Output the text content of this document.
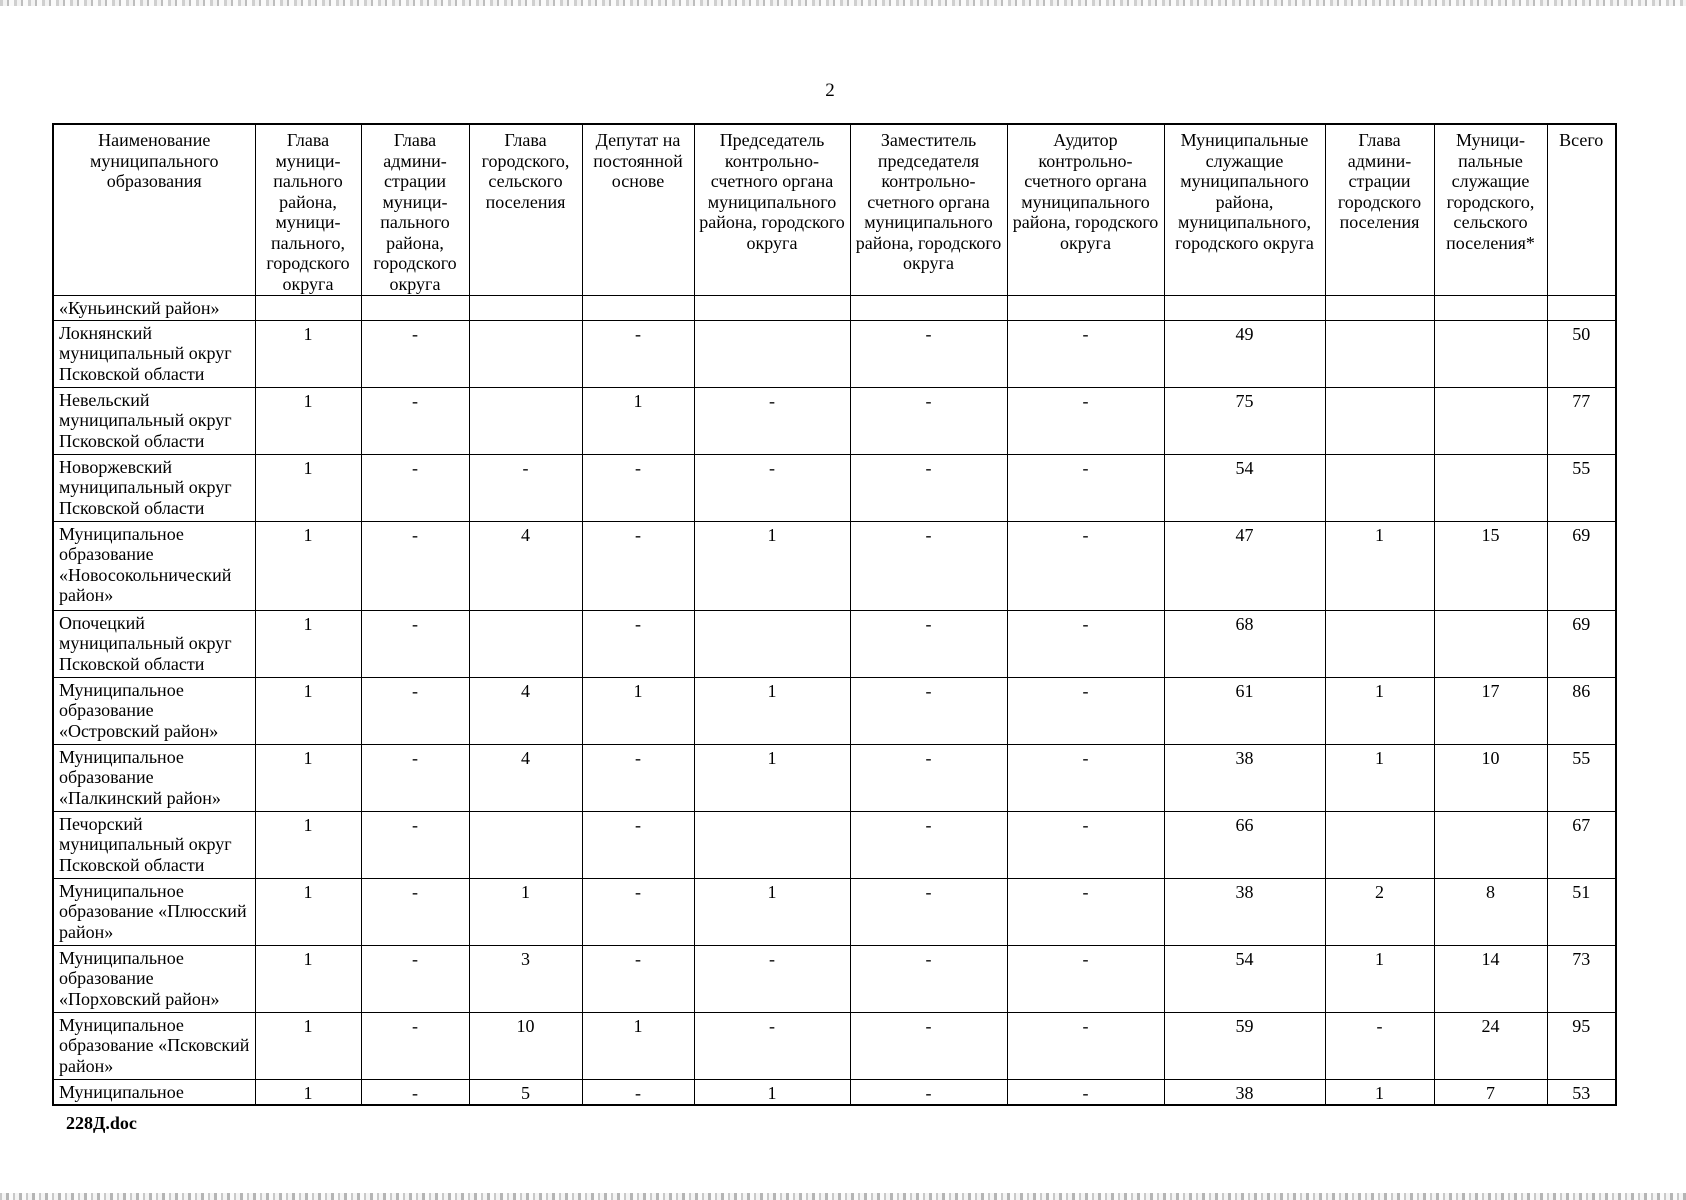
2
Наименование муниципального образования	Глава муници-пального района, муници-пального, городского округа	Глава админи-страции муници-пального района, городского округа	Глава городского, сельского поселения	Депутат на постоянной основе	Председатель контрольно-счетного органа муниципального района, городского округа	Заместитель председателя контрольно-счетного органа муниципального района, городского округа	Аудитор контрольно-счетного органа муниципального района, городского округа	Муниципальные служащие муниципального района, муниципального, городского округа	Глава админи-страции городского поселения	Муници-пальные служащие городского, сельского поселения*	Всего
«Куньинский район»											
Локнянский муниципальный округ Псковской области	1	-		-		-	-	49			50
Невельский муниципальный округ Псковской области	1	-		1	-	-	-	75			77
Новоржевский муниципальный округ Псковской области	1	-	-	-	-	-	-	54			55
Муниципальное образование «Новосокольнический район»	1	-	4	-	1	-	-	47	1	15	69
Опочецкий муниципальный округ Псковской области	1	-		-		-	-	68			69
Муниципальное образование «Островский район»	1	-	4	1	1	-	-	61	1	17	86
Муниципальное образование «Палкинский район»	1	-	4	-	1	-	-	38	1	10	55
Печорский муниципальный округ Псковской области	1	-		-		-	-	66			67
Муниципальное образование «Плюсский район»	1	-	1	-	1	-	-	38	2	8	51
Муниципальное образование «Порховский район»	1	-	3	-	-	-	-	54	1	14	73
Муниципальное образование «Псковский район»	1	-	10	1	-	-	-	59	-	24	95
Муниципальное	1	-	5	-	1	-	-	38	1	7	53
228Д.doc
